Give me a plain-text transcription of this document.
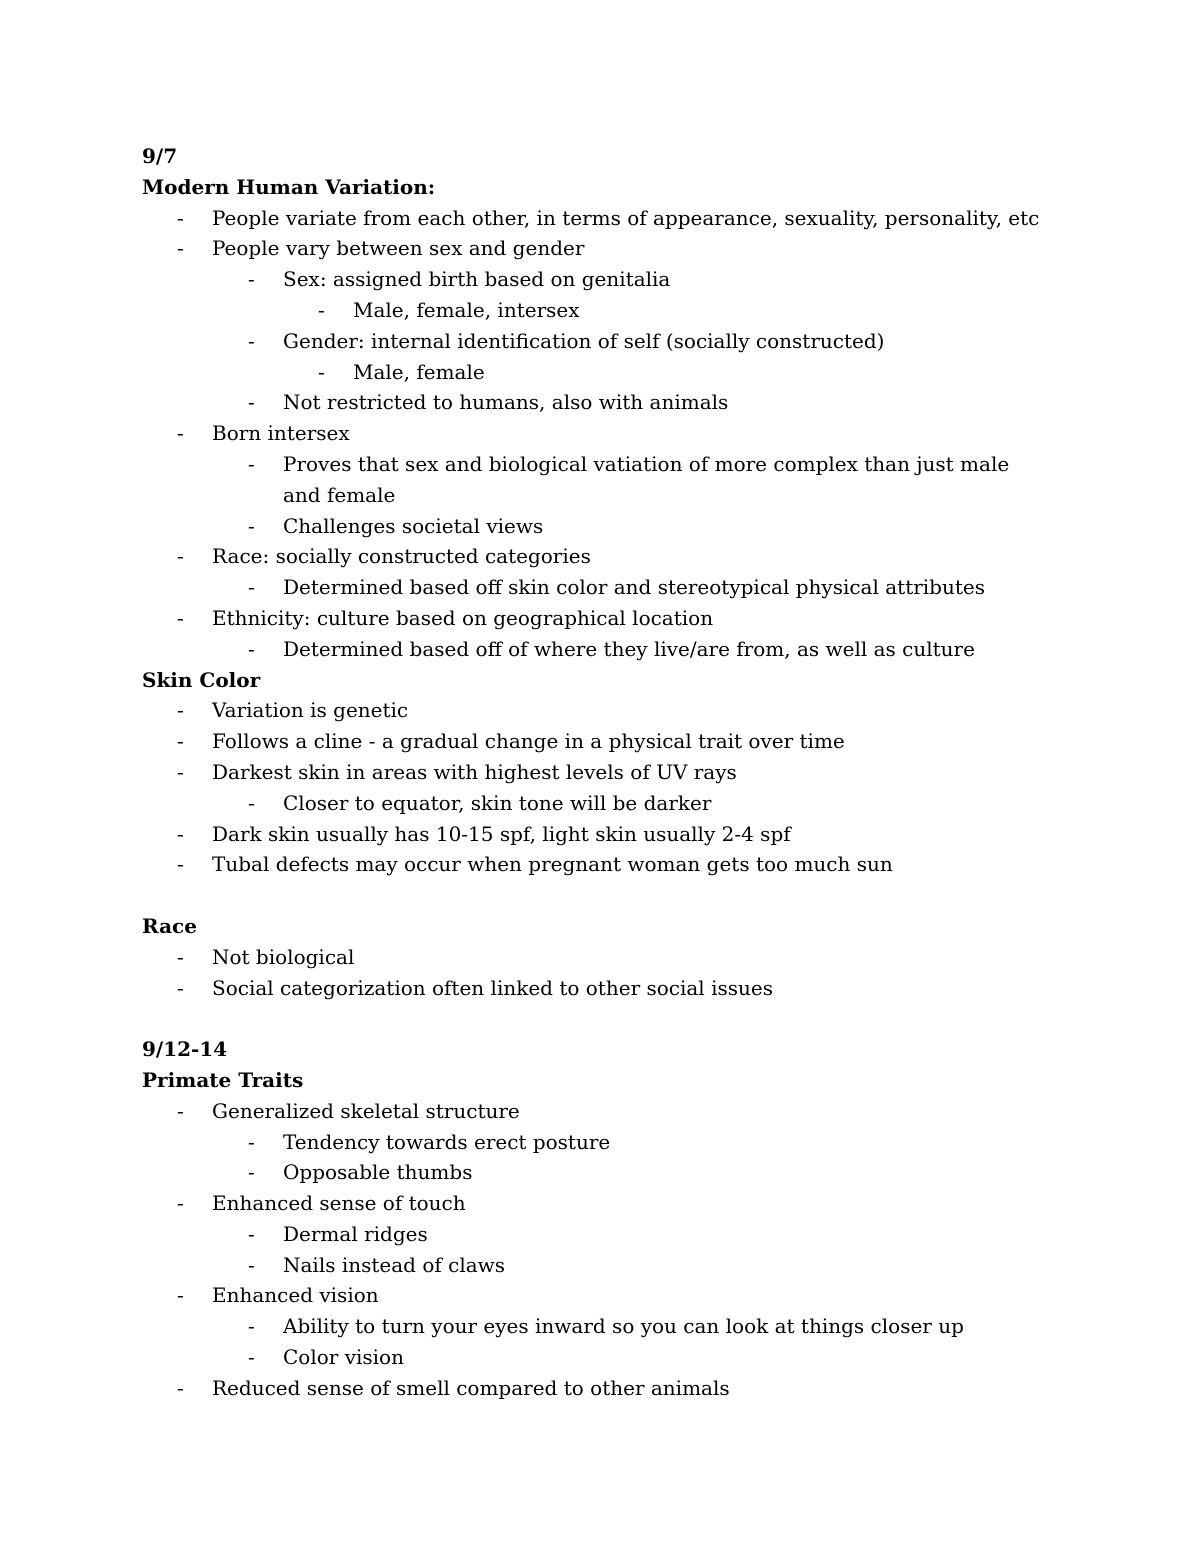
9/7
Modern Human Variation:
- People variate from each other, in terms of appearance, sexuality, personality, etc
- People vary between sex and gender
- Sex: assigned birth based on genitalia
- Male, female, intersex
- Gender: internal identification of self (socially constructed)
- Male, female
- Not restricted to humans, also with animals
- Born intersex
- Proves that sex and biological vatiation of more complex than just male and female
- Challenges societal views
- Race: socially constructed categories
- Determined based off skin color and stereotypical physical attributes
- Ethnicity: culture based on geographical location
- Determined based off of where they live/are from, as well as culture
Skin Color
- Variation is genetic
- Follows a cline - a gradual change in a physical trait over time
- Darkest skin in areas with highest levels of UV rays
- Closer to equator, skin tone will be darker
- Dark skin usually has 10-15 spf, light skin usually 2-4 spf
- Tubal defects may occur when pregnant woman gets too much sun
Race
- Not biological
- Social categorization often linked to other social issues
9/12-14
Primate Traits
- Generalized skeletal structure
- Tendency towards erect posture
- Opposable thumbs
- Enhanced sense of touch
- Dermal ridges
- Nails instead of claws
- Enhanced vision
- Ability to turn your eyes inward so you can look at things closer up
- Color vision
- Reduced sense of smell compared to other animals
